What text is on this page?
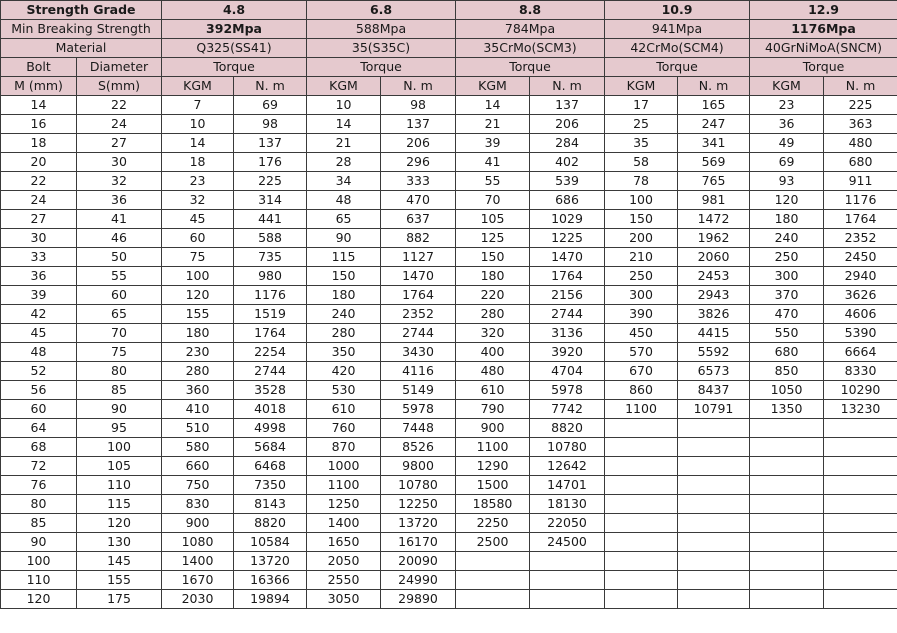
Strength Grade		4.8		6.8		8.8		10.9		12.9	
Min Breaking Strength		392Mpa		588Mpa		784Mpa		941Mpa		1176Mpa	
Material		Q325(SS41)		35(S35C)		35CrMo(SCM3)		42CrMo(SCM4)		40GrNiMoA(SNCM)	
Bolt	Diameter	Torque		Torque		Torque		Torque		Torque	
M (mm)	S(mm)	KGM	N. m	KGM	N. m	KGM	N. m	KGM	N. m	KGM	N. m
14	22	7	69	10	98	14	137	17	165	23	225
16	24	10	98	14	137	21	206	25	247	36	363
18	27	14	137	21	206	39	284	35	341	49	480
20	30	18	176	28	296	41	402	58	569	69	680
22	32	23	225	34	333	55	539	78	765	93	911
24	36	32	314	48	470	70	686	100	981	120	1176
27	41	45	441	65	637	105	1029	150	1472	180	1764
30	46	60	588	90	882	125	1225	200	1962	240	2352
33	50	75	735	115	1127	150	1470	210	2060	250	2450
36	55	100	980	150	1470	180	1764	250	2453	300	2940
39	60	120	1176	180	1764	220	2156	300	2943	370	3626
42	65	155	1519	240	2352	280	2744	390	3826	470	4606
45	70	180	1764	280	2744	320	3136	450	4415	550	5390
48	75	230	2254	350	3430	400	3920	570	5592	680	6664
52	80	280	2744	420	4116	480	4704	670	6573	850	8330
56	85	360	3528	530	5149	610	5978	860	8437	1050	10290
60	90	410	4018	610	5978	790	7742	1100	10791	1350	13230
64	95	510	4998	760	7448	900	8820				
68	100	580	5684	870	8526	1100	10780				
72	105	660	6468	1000	9800	1290	12642				
76	110	750	7350	1100	10780	1500	14701				
80	115	830	8143	1250	12250	18580	18130				
85	120	900	8820	1400	13720	2250	22050				
90	130	1080	10584	1650	16170	2500	24500				
100	145	1400	13720	2050	20090						
110	155	1670	16366	2550	24990						
120	175	2030	19894	3050	29890						
